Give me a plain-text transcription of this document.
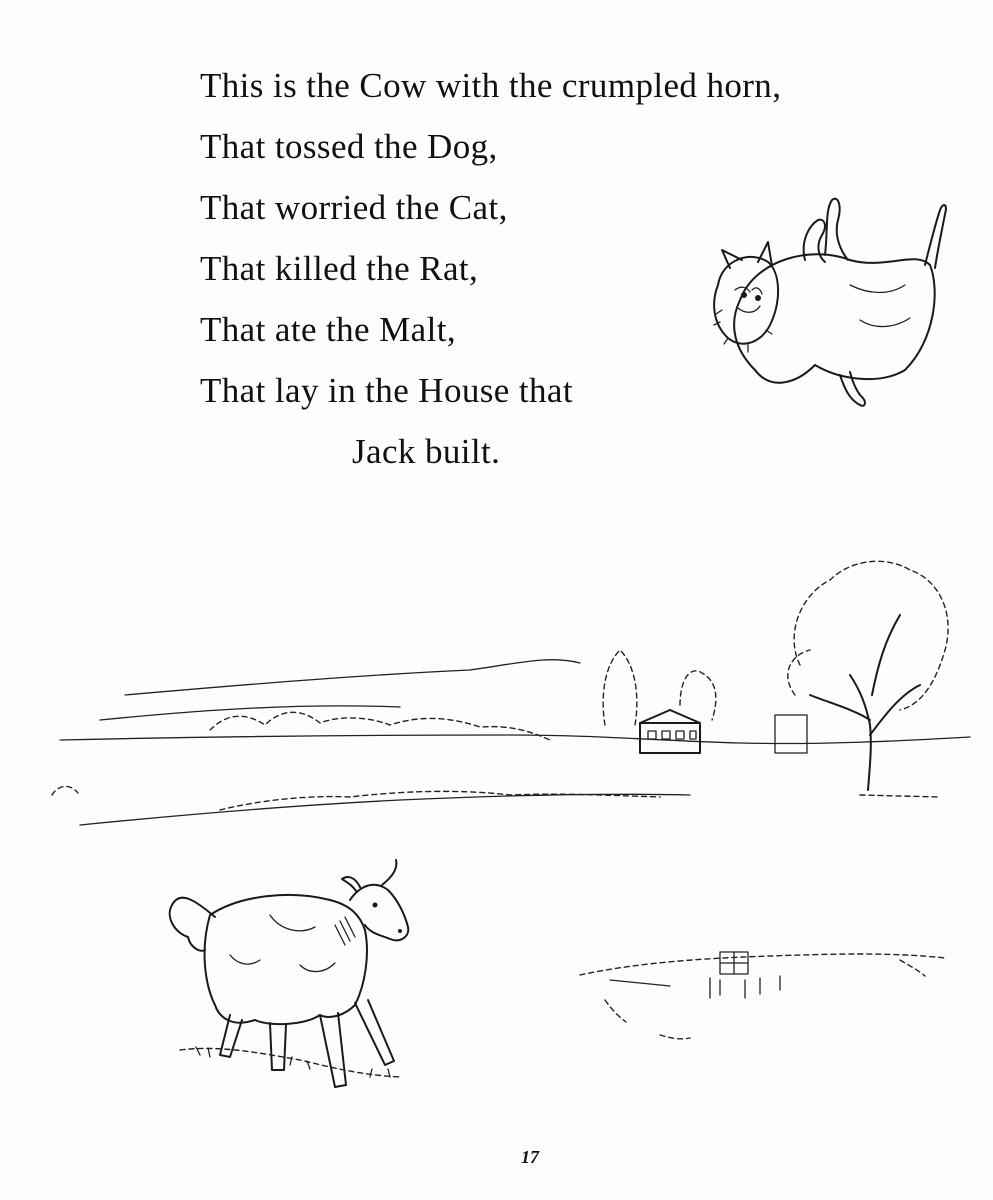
This is the Cow with the crumpled horn,
That tossed the Dog,
That worried the Cat,
That killed the Rat,
That ate the Malt,
That lay in the House that
Jack built.
17
